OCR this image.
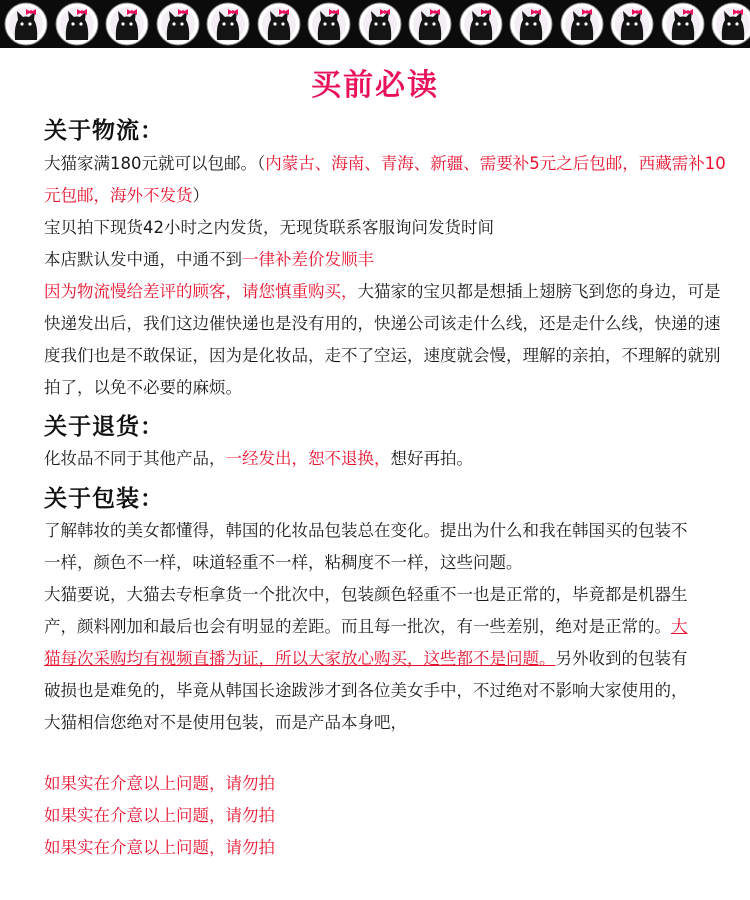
买前必读
关于物流：
大猫家满180元就可以包邮。（内蒙古、海南、青海、新疆、需要补5元之后包邮，西藏需补10元包邮，海外不发货）
宝贝拍下现货42小时之内发货，无现货联系客服询问发货时间
本店默认发中通，中通不到一律补差价发顺丰
因为物流慢给差评的顾客，请您慎重购买，大猫家的宝贝都是想插上翅膀飞到您的身边，可是快递发出后，我们这边催快递也是没有用的，快递公司该走什么线，还是走什么线，快递的速度我们也是不敢保证，因为是化妆品，走不了空运，速度就会慢，理解的亲拍，不理解的就别拍了，以免不必要的麻烦。
关于退货：
化妆品不同于其他产品，一经发出，恕不退换，想好再拍。
关于包装：
了解韩妆的美女都懂得，韩国的化妆品包装总在变化。提出为什么和我在韩国买的包装不一样，颜色不一样，味道轻重不一样，粘稠度不一样，这些问题。
大猫要说，大猫去专柜拿货一个批次中，包装颜色轻重不一也是正常的，毕竟都是机器生产，颜料刚加和最后也会有明显的差距。而且每一批次，有一些差别，绝对是正常的。大猫每次采购均有视频直播为证，所以大家放心购买，这些都不是问题。另外收到的包装有破损也是难免的，毕竟从韩国长途跋涉才到各位美女手中，不过绝对不影响大家使用的，大猫相信您绝对不是使用包装，而是产品本身吧，
如果实在介意以上问题，请勿拍
如果实在介意以上问题，请勿拍
如果实在介意以上问题，请勿拍
